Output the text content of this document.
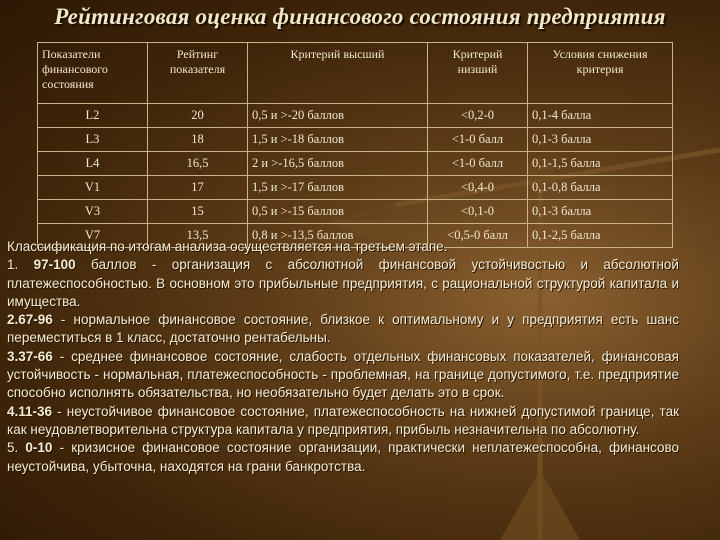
Рейтинговая оценка финансового состояния предприятия
Показатели финансового состояния	Рейтинг показателя	Критерий высший	Критерий низший	Условия снижения критерия
L2	20	0,5 и >-20 баллов	<0,2-0	0,1-4 балла
L3	18	1,5 и >-18 баллов	<1-0 балл	0,1-3 балла
L4	16,5	2 и >-16,5 баллов	<1-0 балл	0,1-1,5 балла
V1	17	1,5 и >-17 баллов	<0,4-0	0,1-0,8 балла
V3	15	0,5 и >-15 баллов	<0,1-0	0,1-3 балла
V7	13,5	0,8 и >-13,5 баллов	<0,5-0 балл	0,1-2,5 балла

Классификация по итогам анализа осуществляется на третьем этапе.

1. 97-100 баллов - организация с абсолютной финансовой устойчивостью и абсолютной платежеспособностью. В основном это прибыльные предприятия, с рациональной структурой капитала и имущества.

2.67-96 - нормальное финансовое состояние, близкое к оптимальному и у предприятия есть шанс переместиться в 1 класс, достаточно рентабельны.

3.37-66 - среднее финансовое состояние, слабость отдельных финансовых показателей, финансовая устойчивость - нормальная, платежеспособность - проблемная, на границе допустимого, т.е. предприятие способно исполнять обязательства, но необязательно будет делать это в срок.

4.11-36 - неустойчивое финансовое состояние, платежеспособность на нижней допустимой границе, так как неудовлетворительна структура капитала у предприятия, прибыль незначительна по абсолютну.

5. 0-10 - кризисное финансовое состояние организации, практически неплатежеспособна, финансово неустойчива, убыточна, находятся на грани банкротства.
